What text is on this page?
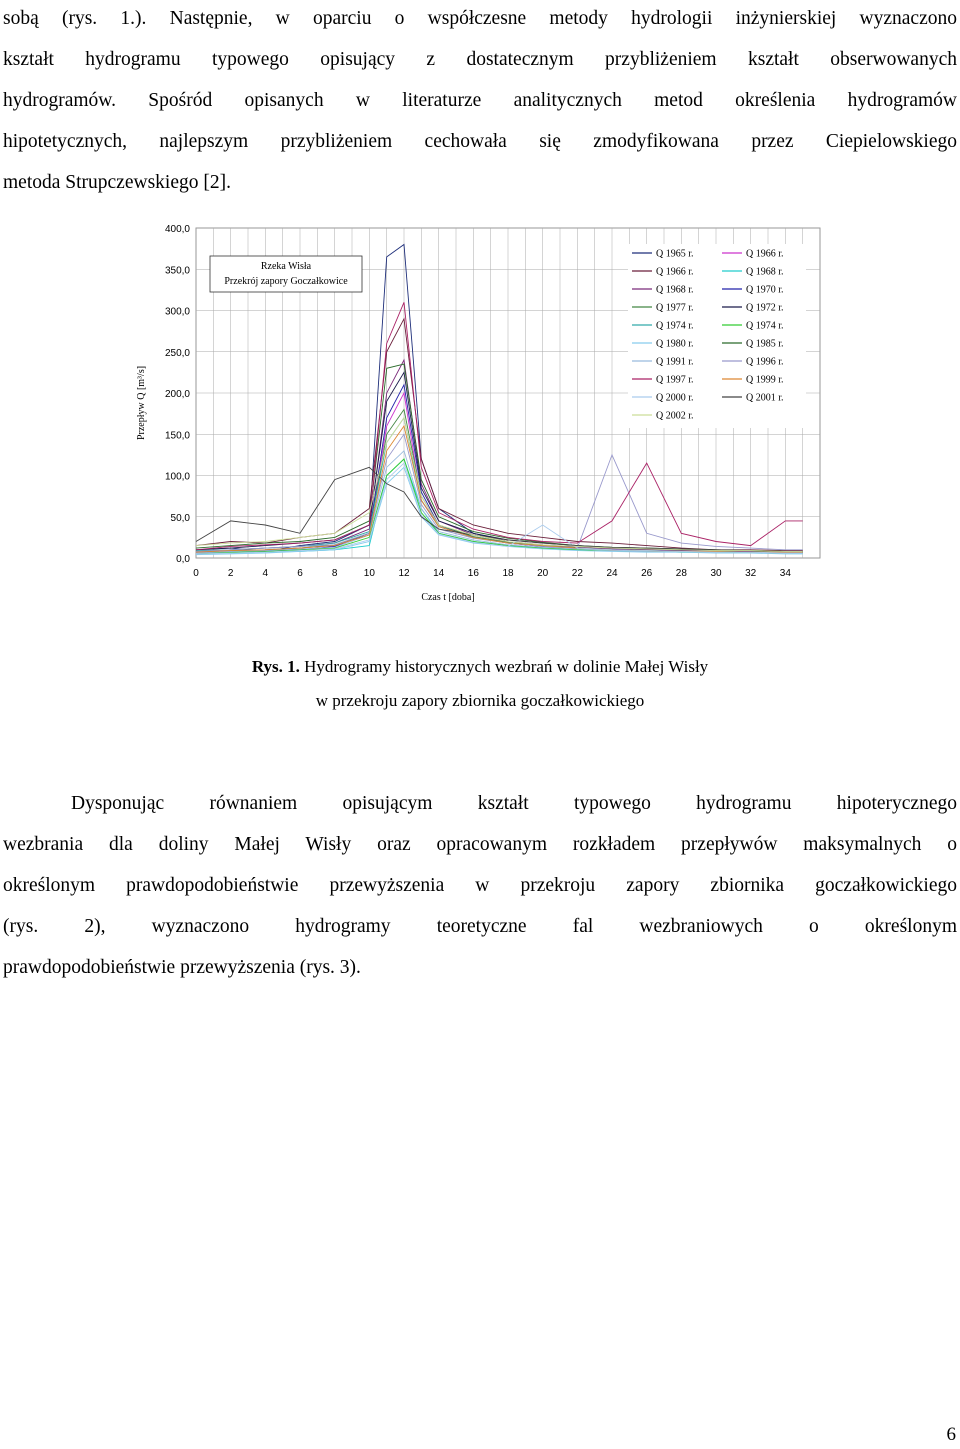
sobą (rys. 1.). Następnie, w oparciu o współczesne metody hydrologii inżynierskiej wyznaczono
kształt hydrogramu typowego opisujący z dostatecznym przybliżeniem kształt obserwowanych
hydrogramów. Spośród opisanych w literaturze analitycznych metod określenia hydrogramów
hipotetycznych, najlepszym przybliżeniem cechowała się zmodyfikowana przez Ciepielowskiego
metoda Strupczewskiego [2].
0,0
50,0
100,0
150,0
200,0
250,0
300,0
350,0
400,0
0	2	4	6	8	10 12 14 16 18 20 22 24 26 28 30 32 34
Czas t [doba]
Przepływ Q [m³/s]
Rzeka Wisła
Przekrój zapory Goczałkowice
Q 1965 r.	Q 1966 r.
Q 1966 r.	Q 1968 r.
Q 1968 r.	Q 1970 r.
Q 1977 r.	Q 1972 r.
Q 1974 r.	Q 1974 r.
Q 1980 r.	Q 1985 r.
Q 1991 r.	Q 1996 r.
Q 1997 r.	Q 1999 r.
Q 2000 r.	Q 2001 r.
Q 2002 r.
Rys. 1. Hydrogramy historycznych wezbrań w dolinie Małej Wisły
w przekroju zapory zbiornika goczałkowickiego
Dysponując równaniem opisującym kształt typowego hydrogramu hipoterycznego
wezbrania dla doliny Małej Wisły oraz opracowanym rozkładem przepływów maksymalnych o
określonym prawdopodobieństwie przewyższenia w przekroju zapory zbiornika goczałkowickiego
(rys. 2), wyznaczono hydrogramy teoretyczne fal wezbraniowych o określonym
prawdopodobieństwie przewyższenia (rys. 3).
6
